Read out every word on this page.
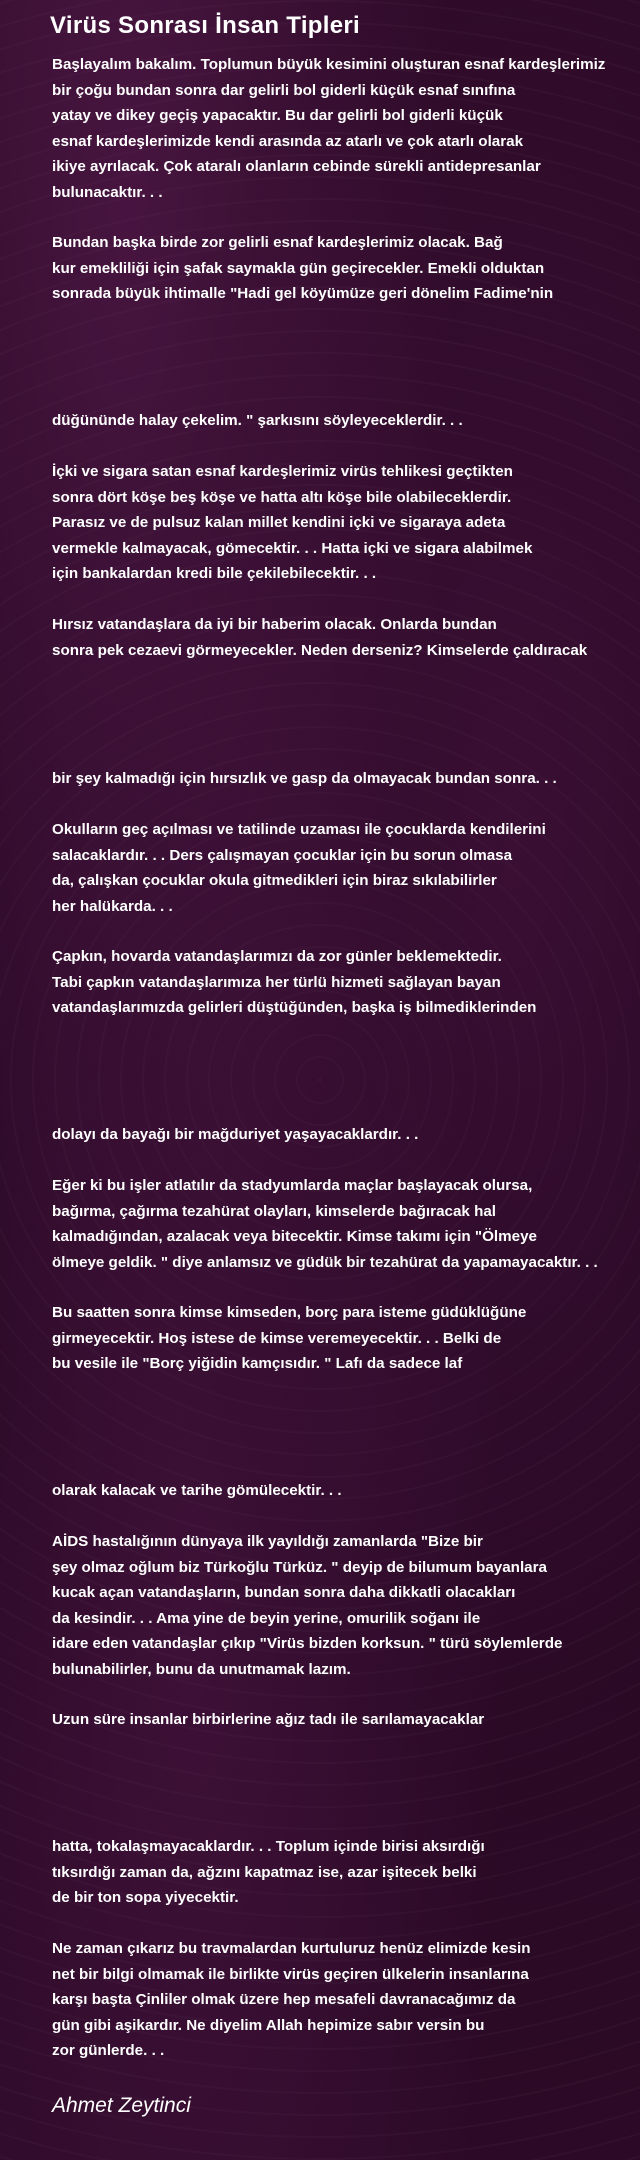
Virüs Sonrası İnsan Tipleri
Başlayalım bakalım. Toplumun büyük kesimini oluşturan esnaf kardeşlerimiz
bir çoğu bundan sonra dar gelirli bol giderli küçük esnaf sınıfına
yatay ve dikey geçiş yapacaktır. Bu dar gelirli bol giderli küçük
esnaf kardeşlerimizde kendi arasında az atarlı ve çok atarlı olarak
ikiye ayrılacak. Çok ataralı olanların cebinde sürekli antidepresanlar
bulunacaktır. . .
Bundan başka birde zor gelirli esnaf kardeşlerimiz olacak. Bağ
kur emekliliği için şafak saymakla gün geçirecekler. Emekli olduktan
sonrada büyük ihtimalle "Hadi gel köyümüze geri dönelim Fadime'nin
düğününde halay çekelim. " şarkısını söyleyeceklerdir. . .
İçki ve sigara satan esnaf kardeşlerimiz virüs tehlikesi geçtikten
sonra dört köşe beş köşe ve hatta altı köşe bile olabileceklerdir.
Parasız ve de pulsuz kalan millet kendini içki ve sigaraya adeta
vermekle kalmayacak, gömecektir. . . Hatta içki ve sigara alabilmek
için bankalardan kredi bile çekilebilecektir. . .
Hırsız vatandaşlara da iyi bir haberim olacak. Onlarda bundan
sonra pek cezaevi görmeyecekler. Neden derseniz? Kimselerde çaldıracak
bir şey kalmadığı için hırsızlık ve gasp da olmayacak bundan sonra. . .
Okulların geç açılması ve tatilinde uzaması ile çocuklarda kendilerini
salacaklardır. . . Ders çalışmayan çocuklar için bu sorun olmasa
da, çalışkan çocuklar okula gitmedikleri için biraz sıkılabilirler
her halükarda. . .
Çapkın, hovarda vatandaşlarımızı da zor günler beklemektedir.
Tabi çapkın vatandaşlarımıza her türlü hizmeti sağlayan bayan
vatandaşlarımızda gelirleri düştüğünden, başka iş bilmediklerinden
dolayı da bayağı bir mağduriyet yaşayacaklardır. . .
Eğer ki bu işler atlatılır da stadyumlarda maçlar başlayacak olursa,
bağırma, çağırma tezahürat olayları, kimselerde bağıracak hal
kalmadığından, azalacak veya bitecektir. Kimse takımı için "Ölmeye
ölmeye geldik. " diye anlamsız ve güdük bir tezahürat da yapamayacaktır. . .
Bu saatten sonra kimse kimseden, borç para isteme güdüklüğüne
girmeyecektir. Hoş istese de kimse veremeyecektir. . . Belki de
bu vesile ile "Borç yiğidin kamçısıdır. " Lafı da sadece laf
olarak kalacak ve tarihe gömülecektir. . .
AİDS hastalığının dünyaya ilk yayıldığı zamanlarda "Bize bir
şey olmaz oğlum biz Türkoğlu Türküz. " deyip de bilumum bayanlara
kucak açan vatandaşların, bundan sonra daha dikkatli olacakları
da kesindir. . . Ama yine de beyin yerine, omurilik soğanı ile
idare eden vatandaşlar çıkıp "Virüs bizden korksun. " türü söylemlerde
bulunabilirler, bunu da unutmamak lazım.
Uzun süre insanlar birbirlerine ağız tadı ile sarılamayacaklar
hatta, tokalaşmayacaklardır. . . Toplum içinde birisi aksırdığı
tıksırdığı zaman da, ağzını kapatmaz ise, azar işitecek belki
de bir ton sopa yiyecektir.
Ne zaman çıkarız bu travmalardan kurtuluruz henüz elimizde kesin
net bir bilgi olmamak ile birlikte virüs geçiren ülkelerin insanlarına
karşı başta Çinliler olmak üzere hep mesafeli davranacağımız da
gün gibi aşikardır. Ne diyelim Allah hepimize sabır versin bu
zor günlerde. . .
Ahmet Zeytinci
